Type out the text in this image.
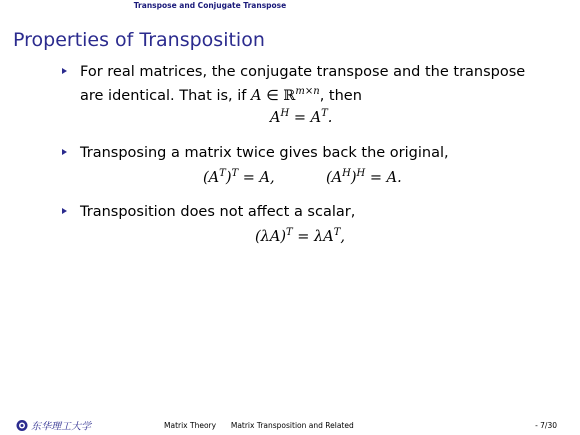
Transpose and Conjugate Transpose
Properties of Transposition
For real matrices, the conjugate transpose and the transpose
are identical. That is, if A ∈ ℝ$^{m\times n}$, then
$A^H = A^T$.
Transposing a matrix twice gives back the original,
$(A^T)^T = A$,	$(A^H)^H = A$.
Transposition does not affect a scalar,
$(\lambda A)^T = \lambda A^T$,
东华理工大学	Matrix Theory Matrix Transposition and Related	- 7/30
